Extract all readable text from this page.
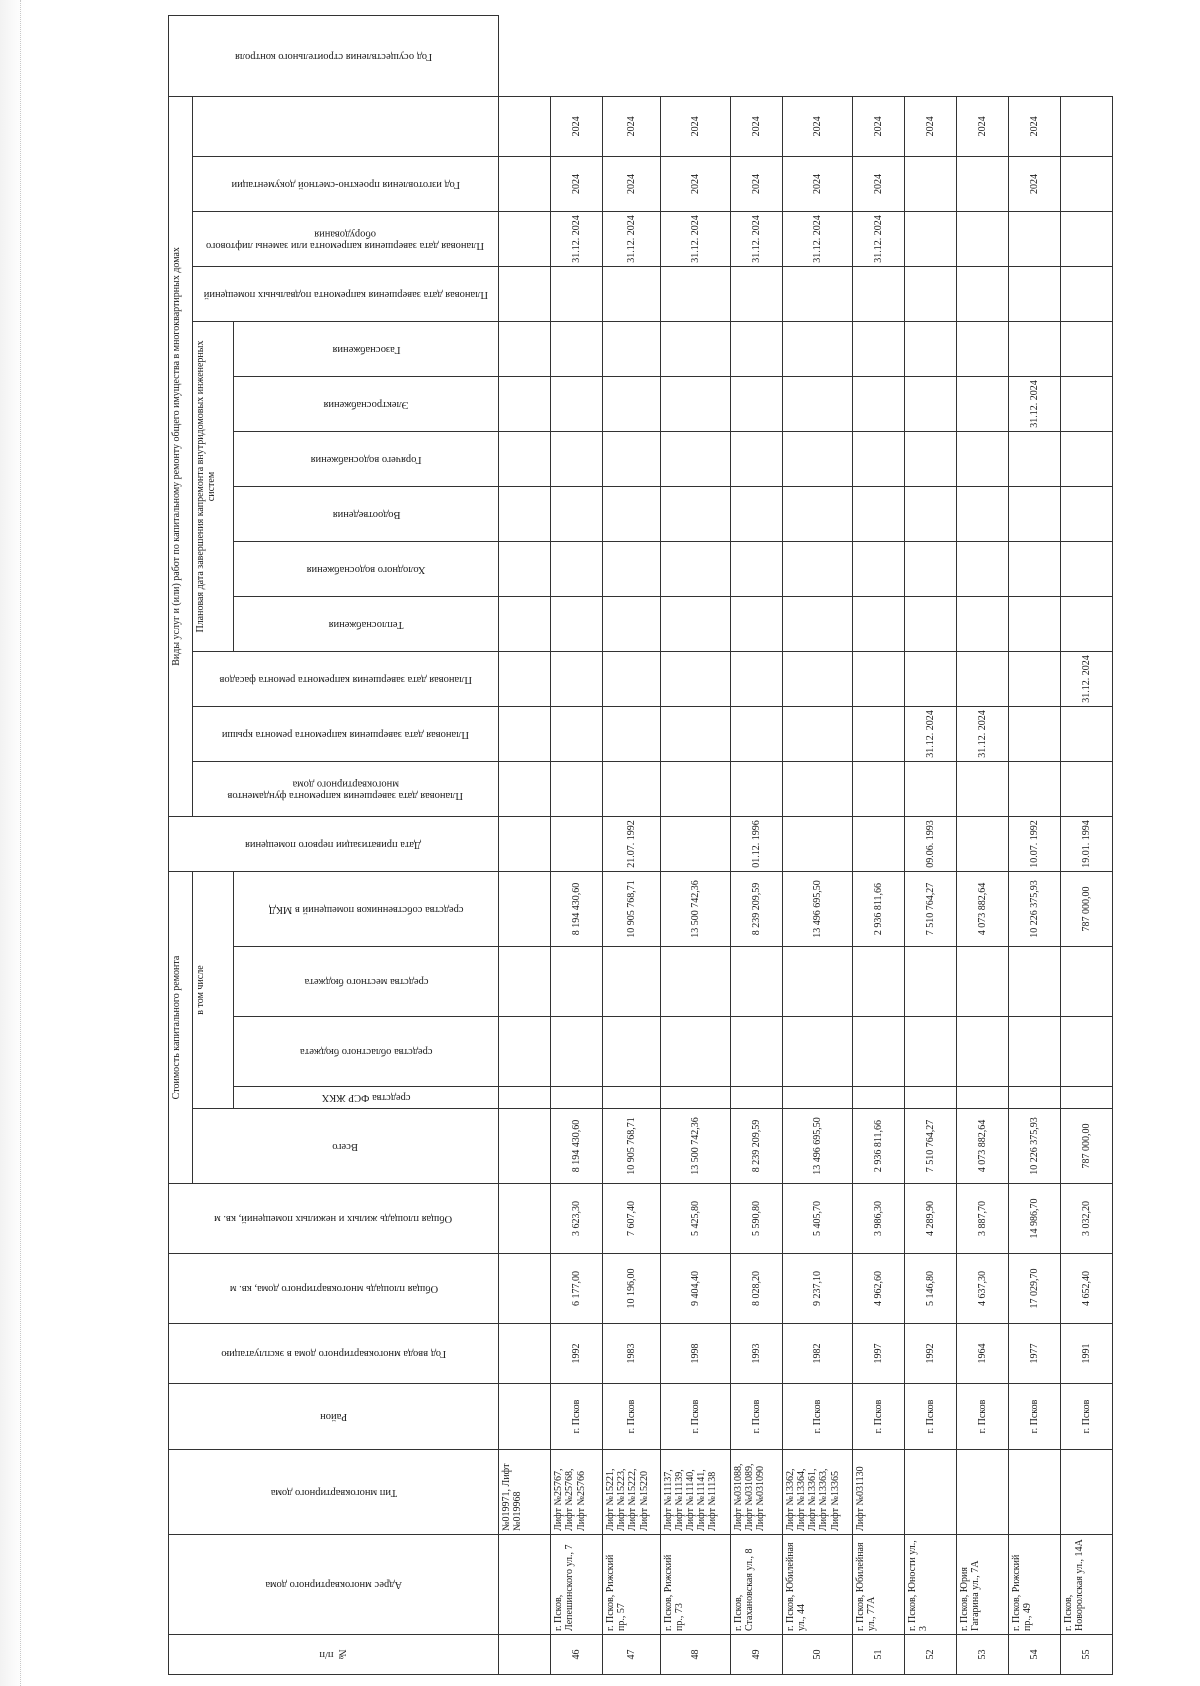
№ п/п	Адрес многоквартирного дома	Тип многоквартирного дома	Район	Год ввода многоквартирного дома в эксплуатацию	Общая площадь многоквартирного дома, кв. м	Общая площадь жилых и нежилых помещений, кв. м	Стоимость капитального ремонта					Дата приватизации первого помещения	Виды услуг и (или) работ по капитальному ремонту общего имущества в многоквартирных домах													Год осуществления строительного контроля

Всего	в том числе					Плановая дата завершения капремонта фундаментов многоквартирного дома	Плановая дата завершения капремонта ремонта крыши	Плановая дата завершения капремонта ремонта фасадов	Плановая дата завершения капремонта внутридомовых инженерных систем						Плановая дата завершения капремонта подвальных помещений	Плановая дата завершения капремонта или замены лифтового оборудования	Год изготовления проектно-сметной документации		

средства ФСР ЖКХ	средства областного бюджета	средства местного бюджета	средства собственников помещений в МКД					Теплоснабжения	Холодного водоснабжения	Водоотведения	Горячего водоснабжения	Электроснабжения	Газоснабжения					

		№019971, Лифт №019968																								
46	г. Псков, Лепешинского ул., 7	Лифт №25767, Лифт №25768, Лифт №25766	г. Псков	1992	6 177,00	3 623,30	8 194 430,60				8 194 430,60												31.12. 2024	2024	2024	
47	г. Псков, Рижский пр., 57	Лифт №15221, Лифт №15223, Лифт №15222, Лифт №15220	г. Псков	1983	10 196,00	7 607,40	10 905 768,71				10 905 768,71	21.07. 1992											31.12. 2024	2024	2024	
48	г. Псков, Рижский пр., 73	Лифт №11137, Лифт №11139, Лифт №11140, Лифт №11141, Лифт №11138	г. Псков	1998	9 404,40	5 425,80	13 500 742,36				13 500 742,36												31.12. 2024	2024	2024	
49	г. Псков, Стахановская ул., 8	Лифт №031088, Лифт №031089, Лифт №031090	г. Псков	1993	8 028,20	5 590,80	8 239 209,59				8 239 209,59	01.12. 1996											31.12. 2024	2024	2024	
50	г. Псков, Юбилейная ул., 44	Лифт №13362, Лифт №13364, Лифт №13361, Лифт №13363, Лифт №13365	г. Псков	1982	9 237,10	5 405,70	13 496 695,50				13 496 695,50												31.12. 2024	2024	2024	
51	г. Псков, Юбилейная ул., 77А	Лифт №031130	г. Псков	1997	4 962,60	3 986,30	2 936 811,66				2 936 811,66												31.12. 2024	2024	2024	
52	г. Псков, Юности ул., 3		г. Псков	1992	5 146,80	4 289,90	7 510 764,27				7 510 764,27	09.06. 1993		31.12. 2024											2024	
53	г. Псков, Юрия Гагарина ул., 7А		г. Псков	1964	4 637,30	3 887,70	4 073 882,64				4 073 882,64			31.12. 2024											2024	
54	г. Псков, Рижский пр., 49		г. Псков	1977	17 029,70	14 986,70	10 226 375,93				10 226 375,93	10.07. 1992								31.12. 2024				2024	2024	
55	г. Псков, Новоролская ул., 14А		г. Псков	1991	4 652,40	3 032,20	787 000,00				787 000,00	19.01. 1994			31.12. 2024											
